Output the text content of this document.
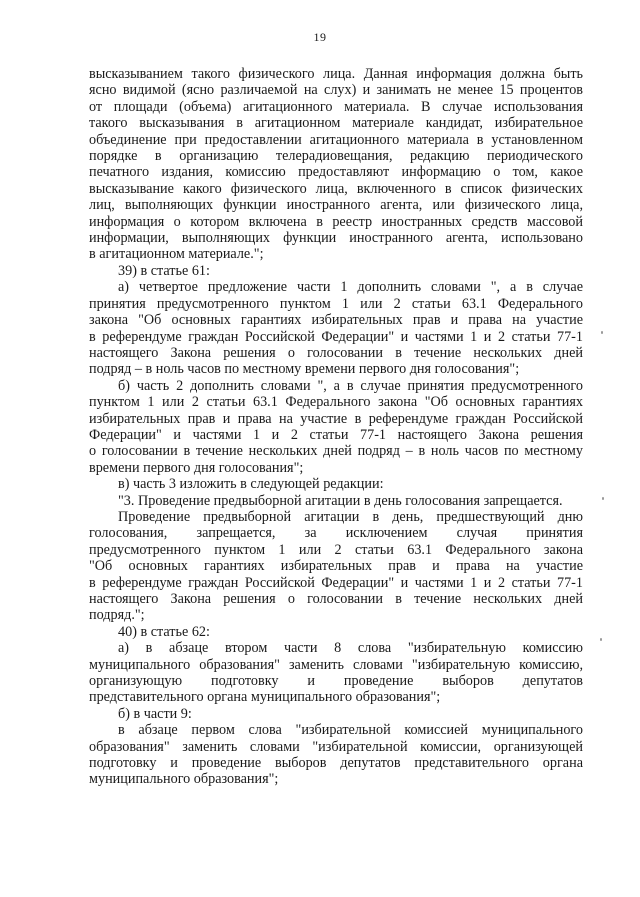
19

высказыванием такого физического лица. Данная информация должна быть
ясно видимой (ясно различаемой на слух) и занимать не менее 15 процентов
от площади (объема) агитационного материала. В случае использования
такого высказывания в агитационном материале кандидат, избирательное
объединение при предоставлении агитационного материала в установленном
порядке в организацию телерадиовещания, редакцию периодического
печатного издания, комиссию предоставляют информацию о том, какое
высказывание какого физического лица, включенного в список физических
лиц, выполняющих функции иностранного агента, или физического лица,
информация о котором включена в реестр иностранных средств массовой
информации, выполняющих функции иностранного агента, использовано
в агитационном материале.";

39) в статье 61:

а) четвертое предложение части 1 дополнить словами ", а в случае
принятия предусмотренного пунктом 1 или 2 статьи 63.1 Федерального
закона "Об основных гарантиях избирательных прав и права на участие
в референдуме граждан Российской Федерации" и частями 1 и 2 статьи 77-1
настоящего Закона решения о голосовании в течение нескольких дней
подряд – в ноль часов по местному времени первого дня голосования";

б) часть 2 дополнить словами ", а в случае принятия предусмотренного
пунктом 1 или 2 статьи 63.1 Федерального закона "Об основных гарантиях
избирательных прав и права на участие в референдуме граждан Российской
Федерации" и частями 1 и 2 статьи 77-1 настоящего Закона решения
о голосовании в течение нескольких дней подряд – в ноль часов по местному
времени первого дня голосования";

в) часть 3 изложить в следующей редакции:

"3. Проведение предвыборной агитации в день голосования запрещается.

Проведение предвыборной агитации в день, предшествующий дню
голосования, запрещается, за исключением случая принятия
предусмотренного пунктом 1 или 2 статьи 63.1 Федерального закона
"Об основных гарантиях избирательных прав и права на участие
в референдуме граждан Российской Федерации" и частями 1 и 2 статьи 77-1
настоящего Закона решения о голосовании в течение нескольких дней
подряд.";

40) в статье 62:

а) в абзаце втором части 8 слова "избирательную комиссию
муниципального образования" заменить словами "избирательную комиссию,
организующую подготовку и проведение выборов депутатов
представительного органа муниципального образования";

б) в части 9:

в абзаце первом слова "избирательной комиссией муниципального
образования" заменить словами "избирательной комиссии, организующей
подготовку и проведение выборов депутатов представительного органа
муниципального образования";
